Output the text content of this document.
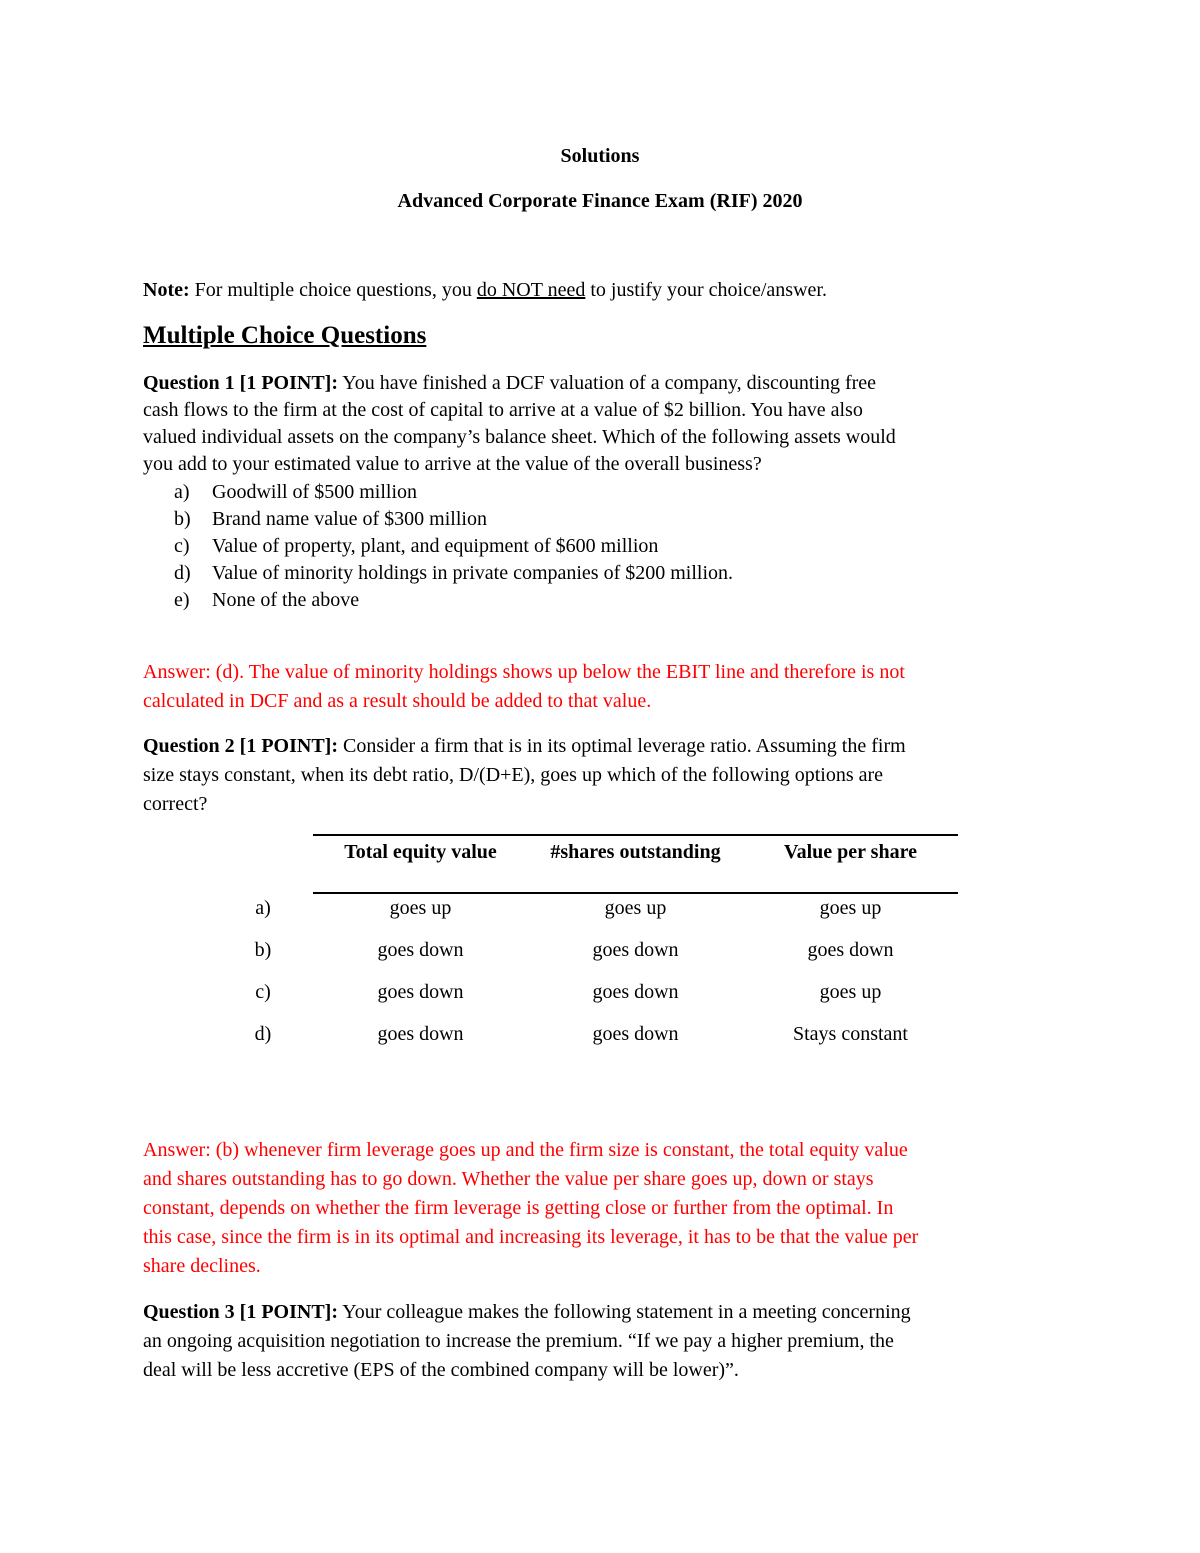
Solutions
Advanced Corporate Finance Exam (RIF) 2020
Note: For multiple choice questions, you do NOT need to justify your choice/answer.
Multiple Choice Questions
Question 1 [1 POINT]: You have finished a DCF valuation of a company, discounting free
cash flows to the firm at the cost of capital to arrive at a value of $2 billion. You have also
valued individual assets on the company’s balance sheet. Which of the following assets would
you add to your estimated value to arrive at the value of the overall business?
a) Goodwill of $500 million
b) Brand name value of $300 million
c) Value of property, plant, and equipment of $600 million
d) Value of minority holdings in private companies of $200 million.
e) None of the above
Answer: (d). The value of minority holdings shows up below the EBIT line and therefore is not
calculated in DCF and as a result should be added to that value.
Question 2 [1 POINT]: Consider a firm that is in its optimal leverage ratio. Assuming the firm
size stays constant, when its debt ratio, D/(D+E), goes up which of the following options are
correct?
Total equity value	#shares outstanding	Value per share
a)	goes up	goes up	goes up
b)	goes down	goes down	goes down
c)	goes down	goes down	goes up
d)	goes down	goes down	Stays constant
Answer: (b) whenever firm leverage goes up and the firm size is constant, the total equity value
and shares outstanding has to go down. Whether the value per share goes up, down or stays
constant, depends on whether the firm leverage is getting close or further from the optimal. In
this case, since the firm is in its optimal and increasing its leverage, it has to be that the value per
share declines.
Question 3 [1 POINT]: Your colleague makes the following statement in a meeting concerning
an ongoing acquisition negotiation to increase the premium. “If we pay a higher premium, the
deal will be less accretive (EPS of the combined company will be lower)”.
